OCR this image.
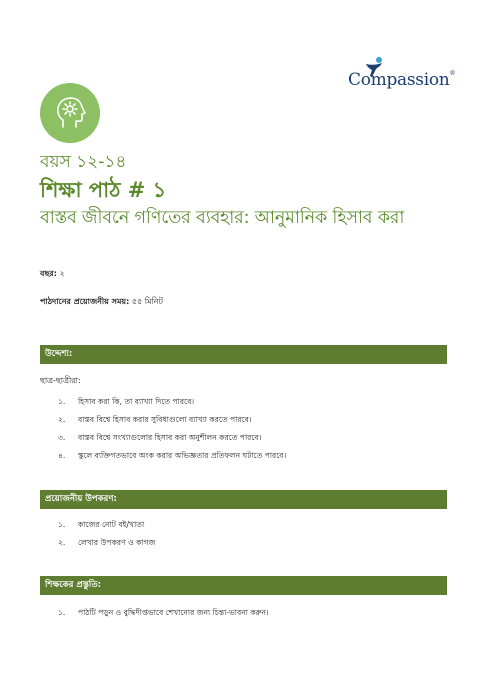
Compassion®
বয়স ১২-১৪
শিক্ষা পাঠ # ১
বাস্তব জীবনে গণিতের ব্যবহার: আনুমানিক হিসাব করা
বছর: ২
পাঠদানের প্রয়োজনীয় সময়: ৫৫ মিনিট
উদ্দেশ্য:
ছাত্র-ছাত্রীরা:
১.	হিসাব করা কি, তা ব্যাখ্যা দিতে পারবে।
২.	বাস্তব বিশ্বে হিসাব করার সুবিধাগুলো ব্যাখ্যা করতে পারবে।
৩.	বাস্তব বিশ্বে সংখ্যাগুলোর হিসাব করা অনুশীলন করতে পারবে।
৪.	স্কুলে ব্যক্তিগতভাবে অংক করার অভিজ্ঞতার প্রতিফলন ঘটাতে পারবে।
প্রয়োজনীয় উপকরণ:
১.	কাজের নোট বই/খাতা
২.	লেখার উপকরণ ও কাগজ
শিক্ষকের প্রস্তুতি:
১.	পাঠটি পড়ুন ও বুদ্ধিদীপ্তভাবে শেখানোর জন্য চিন্তা-ভাবনা করুন।
